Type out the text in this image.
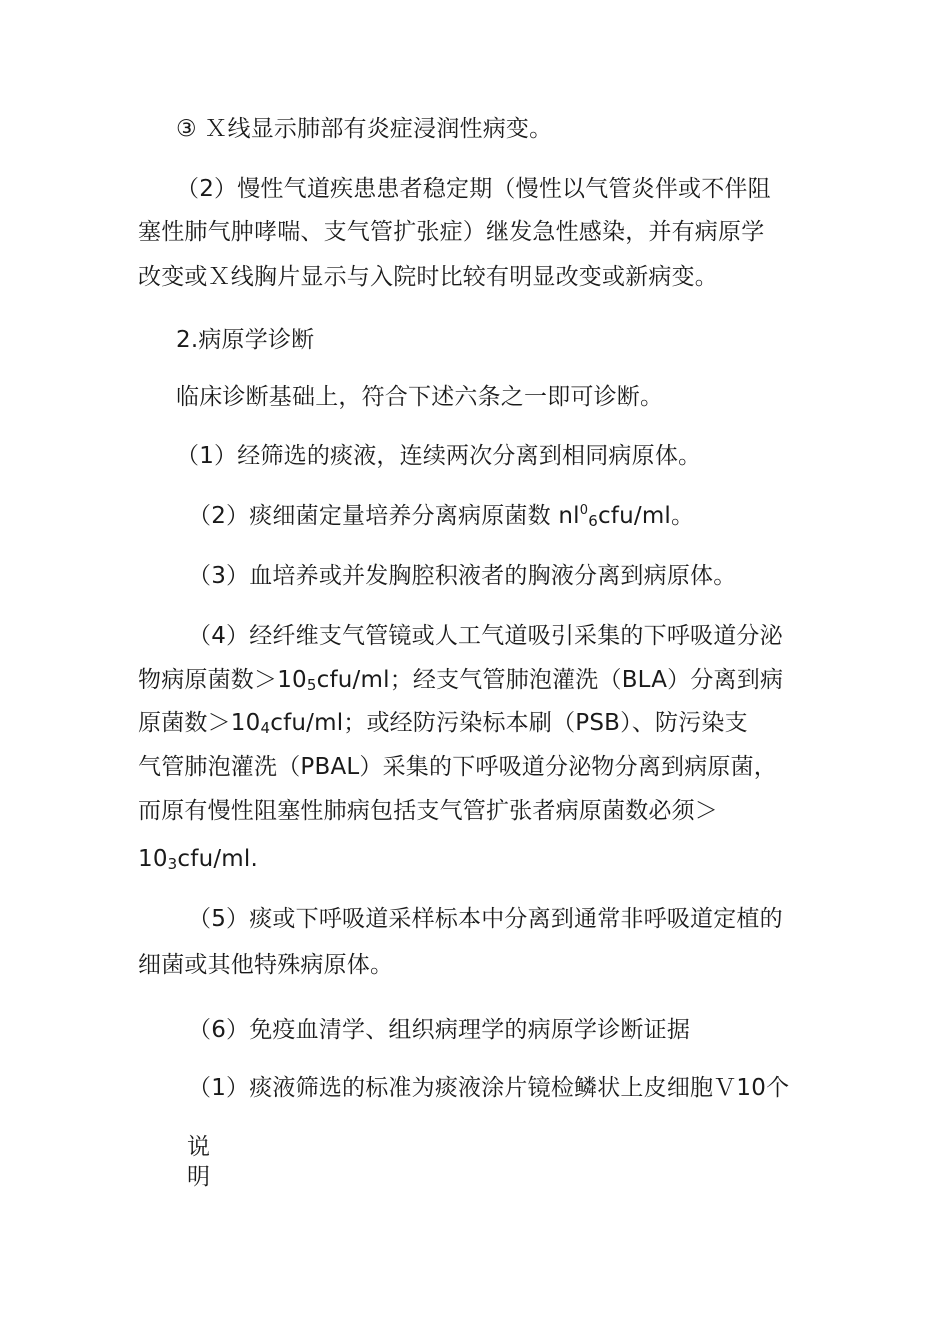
③ Ｘ线显示肺部有炎症浸润性病变。
（2）慢性气道疾患患者稳定期（慢性以气管炎伴或不伴阻
塞性肺气肿哮喘、支气管扩张症）继发急性感染，并有病原学
改变或Ｘ线胸片显示与入院时比较有明显改变或新病变。
2.病原学诊断
临床诊断基础上，符合下述六条之一即可诊断。
（1）经筛选的痰液，连续两次分离到相同病原体。
（2）痰细菌定量培养分离病原菌数 $nl^06cfu/ml$。
（3）血培养或并发胸腔积液者的胸液分离到病原体。
（4）经纤维支气管镜或人工气道吸引采集的下呼吸道分泌
物病原菌数＞105cfu/ml；经支气管肺泡灌洗（BLA）分离到病
原菌数＞104cfu/ml；或经防污染标本刷（PSB）、防污染支
气管肺泡灌洗（PBAL）采集的下呼吸道分泌物分离到病原菌，
而原有慢性阻塞性肺病包括支气管扩张者病原菌数必须＞
103cfu/ml.
（5）痰或下呼吸道采样标本中分离到通常非呼吸道定植的
细菌或其他特殊病原体。
（6）免疫血清学、组织病理学的病原学诊断证据
（1）痰液筛选的标准为痰液涂片镜检鳞状上皮细胞Ｖ10个
说明
